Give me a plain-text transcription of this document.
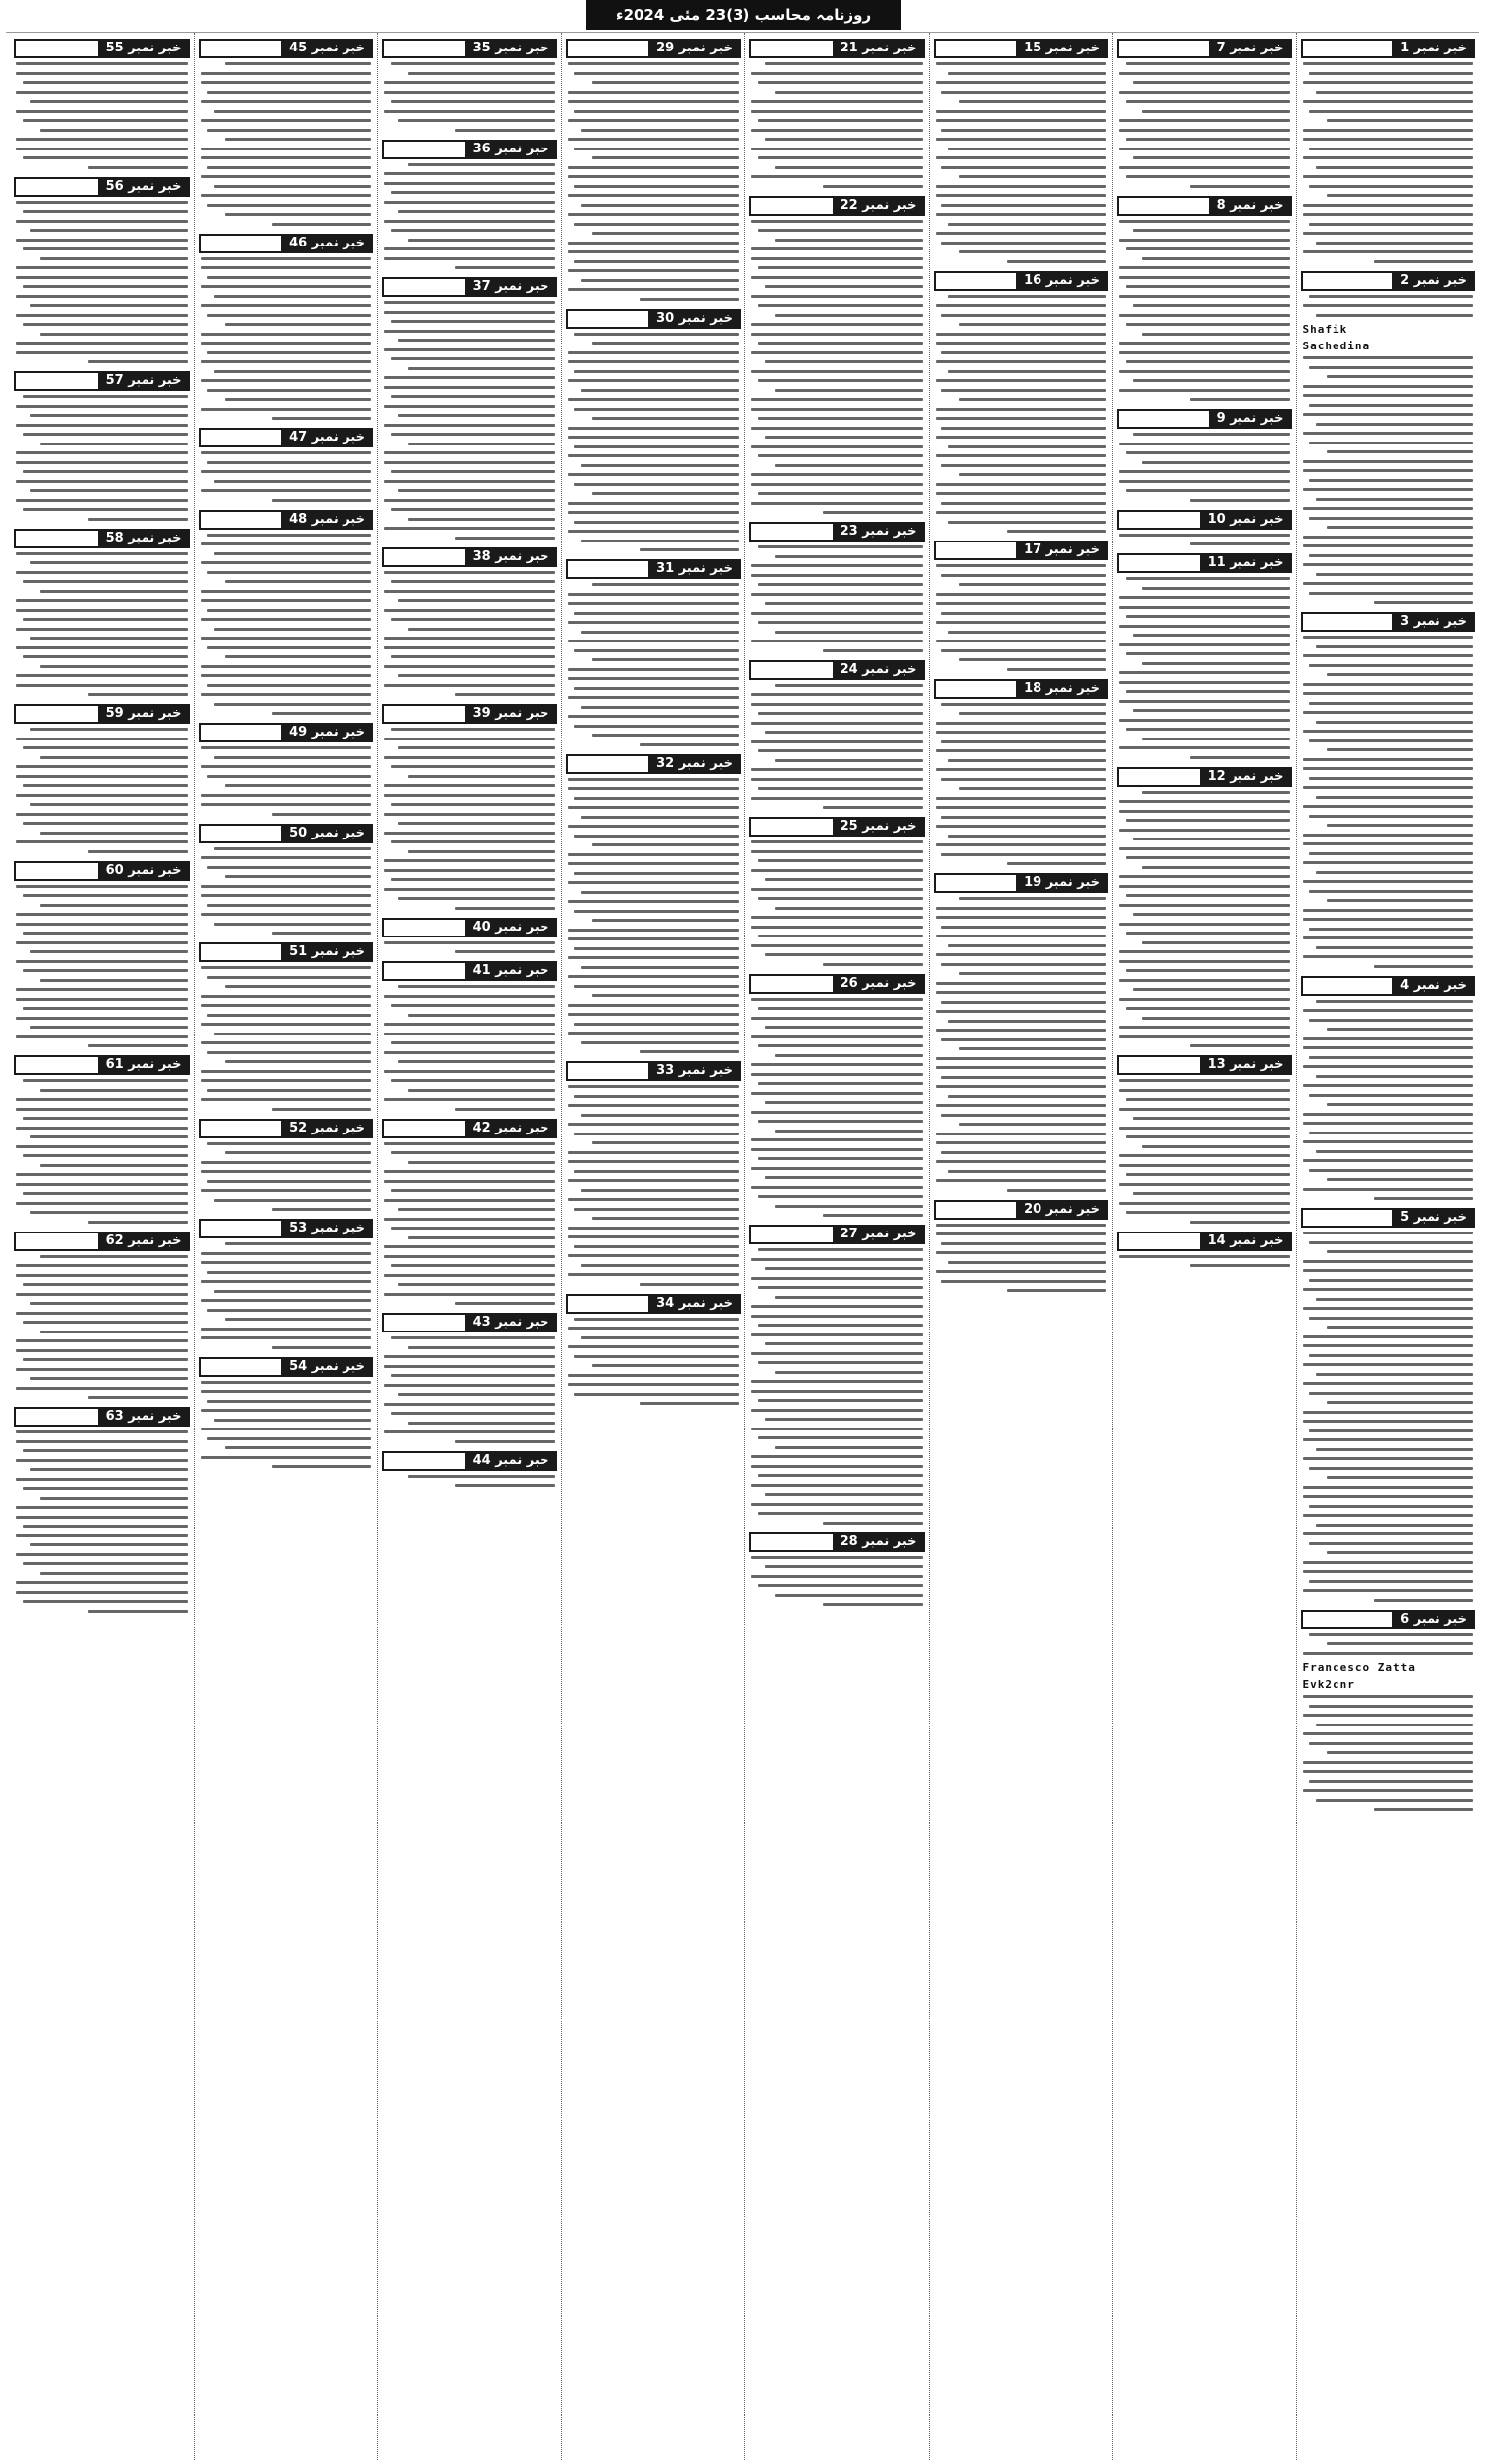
روزنامہ محاسب (3)23 مئی 2024ء
خبر نمبر 1
خبر نمبر 2
Shafik
Sachedina
خبر نمبر 3
خبر نمبر 4
خبر نمبر 5
خبر نمبر 6
Francesco Zatta
Evk2cnr
خبر نمبر 7
خبر نمبر 8
خبر نمبر 9
خبر نمبر 10
خبر نمبر 11
خبر نمبر 12
خبر نمبر 13
خبر نمبر 14
خبر نمبر 15
خبر نمبر 16
خبر نمبر 17
خبر نمبر 18
خبر نمبر 19
خبر نمبر 20
خبر نمبر 21
خبر نمبر 22
خبر نمبر 23
خبر نمبر 24
خبر نمبر 25
خبر نمبر 26
خبر نمبر 27
خبر نمبر 28
خبر نمبر 29
خبر نمبر 30
خبر نمبر 31
خبر نمبر 32
خبر نمبر 33
خبر نمبر 34
خبر نمبر 35
خبر نمبر 36
خبر نمبر 37
خبر نمبر 38
خبر نمبر 39
خبر نمبر 40
خبر نمبر 41
خبر نمبر 42
خبر نمبر 43
خبر نمبر 44
خبر نمبر 45
خبر نمبر 46
خبر نمبر 47
خبر نمبر 48
خبر نمبر 49
خبر نمبر 50
خبر نمبر 51
خبر نمبر 52
خبر نمبر 53
خبر نمبر 54
خبر نمبر 55
خبر نمبر 56
خبر نمبر 57
خبر نمبر 58
خبر نمبر 59
خبر نمبر 60
خبر نمبر 61
خبر نمبر 62
خبر نمبر 63
